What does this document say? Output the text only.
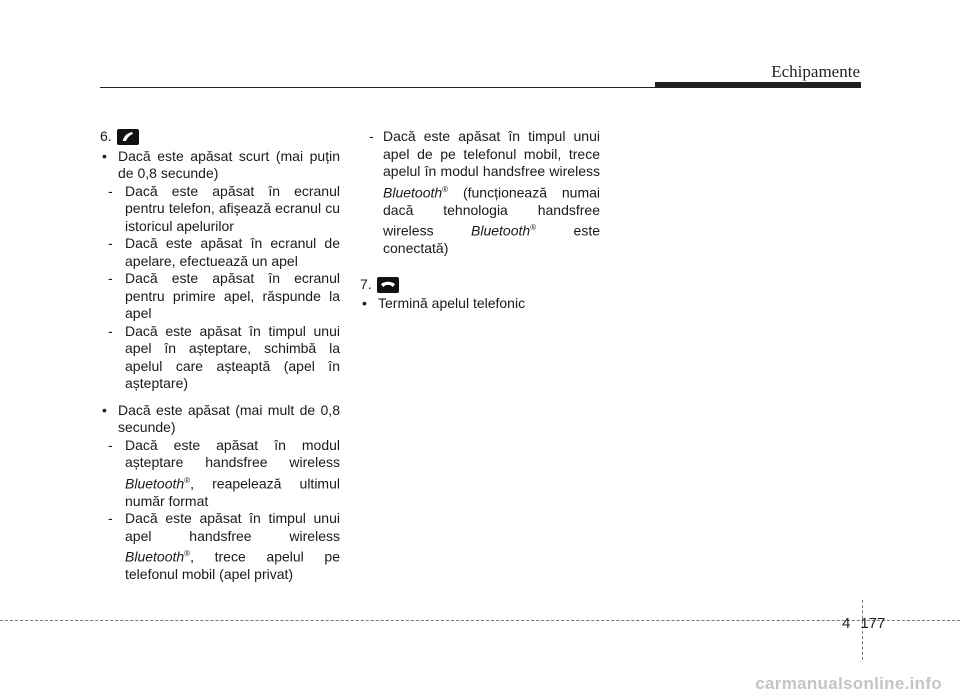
Echipamente
6.
• Dacă este apăsat scurt (mai puțin de 0,8 secunde)
- Dacă este apăsat în ecranul pentru telefon, afișează ecranul cu istoricul apelurilor
- Dacă este apăsat în ecranul de apelare, efectuează un apel
- Dacă este apăsat în ecranul pentru primire apel, răspunde la apel
- Dacă este apăsat în timpul unui apel în așteptare, schimbă la apelul care așteaptă (apel în așteptare)
• Dacă este apăsat (mai mult de 0,8 secunde)
- Dacă este apăsat în modul așteptare handsfree wireless Bluetooth®, reapelează ultimul număr format
- Dacă este apăsat în timpul unui apel handsfree wireless Bluetooth®, trece apelul pe telefonul mobil (apel privat)
- Dacă este apăsat în timpul unui apel de pe telefonul mobil, trece apelul în modul handsfree wireless Bluetooth® (funcționează numai dacă tehnologia handsfree wireless	Bluetooth® este conectată)
7.
• Termină apelul telefonic
4 177
carmanualsonline.info
